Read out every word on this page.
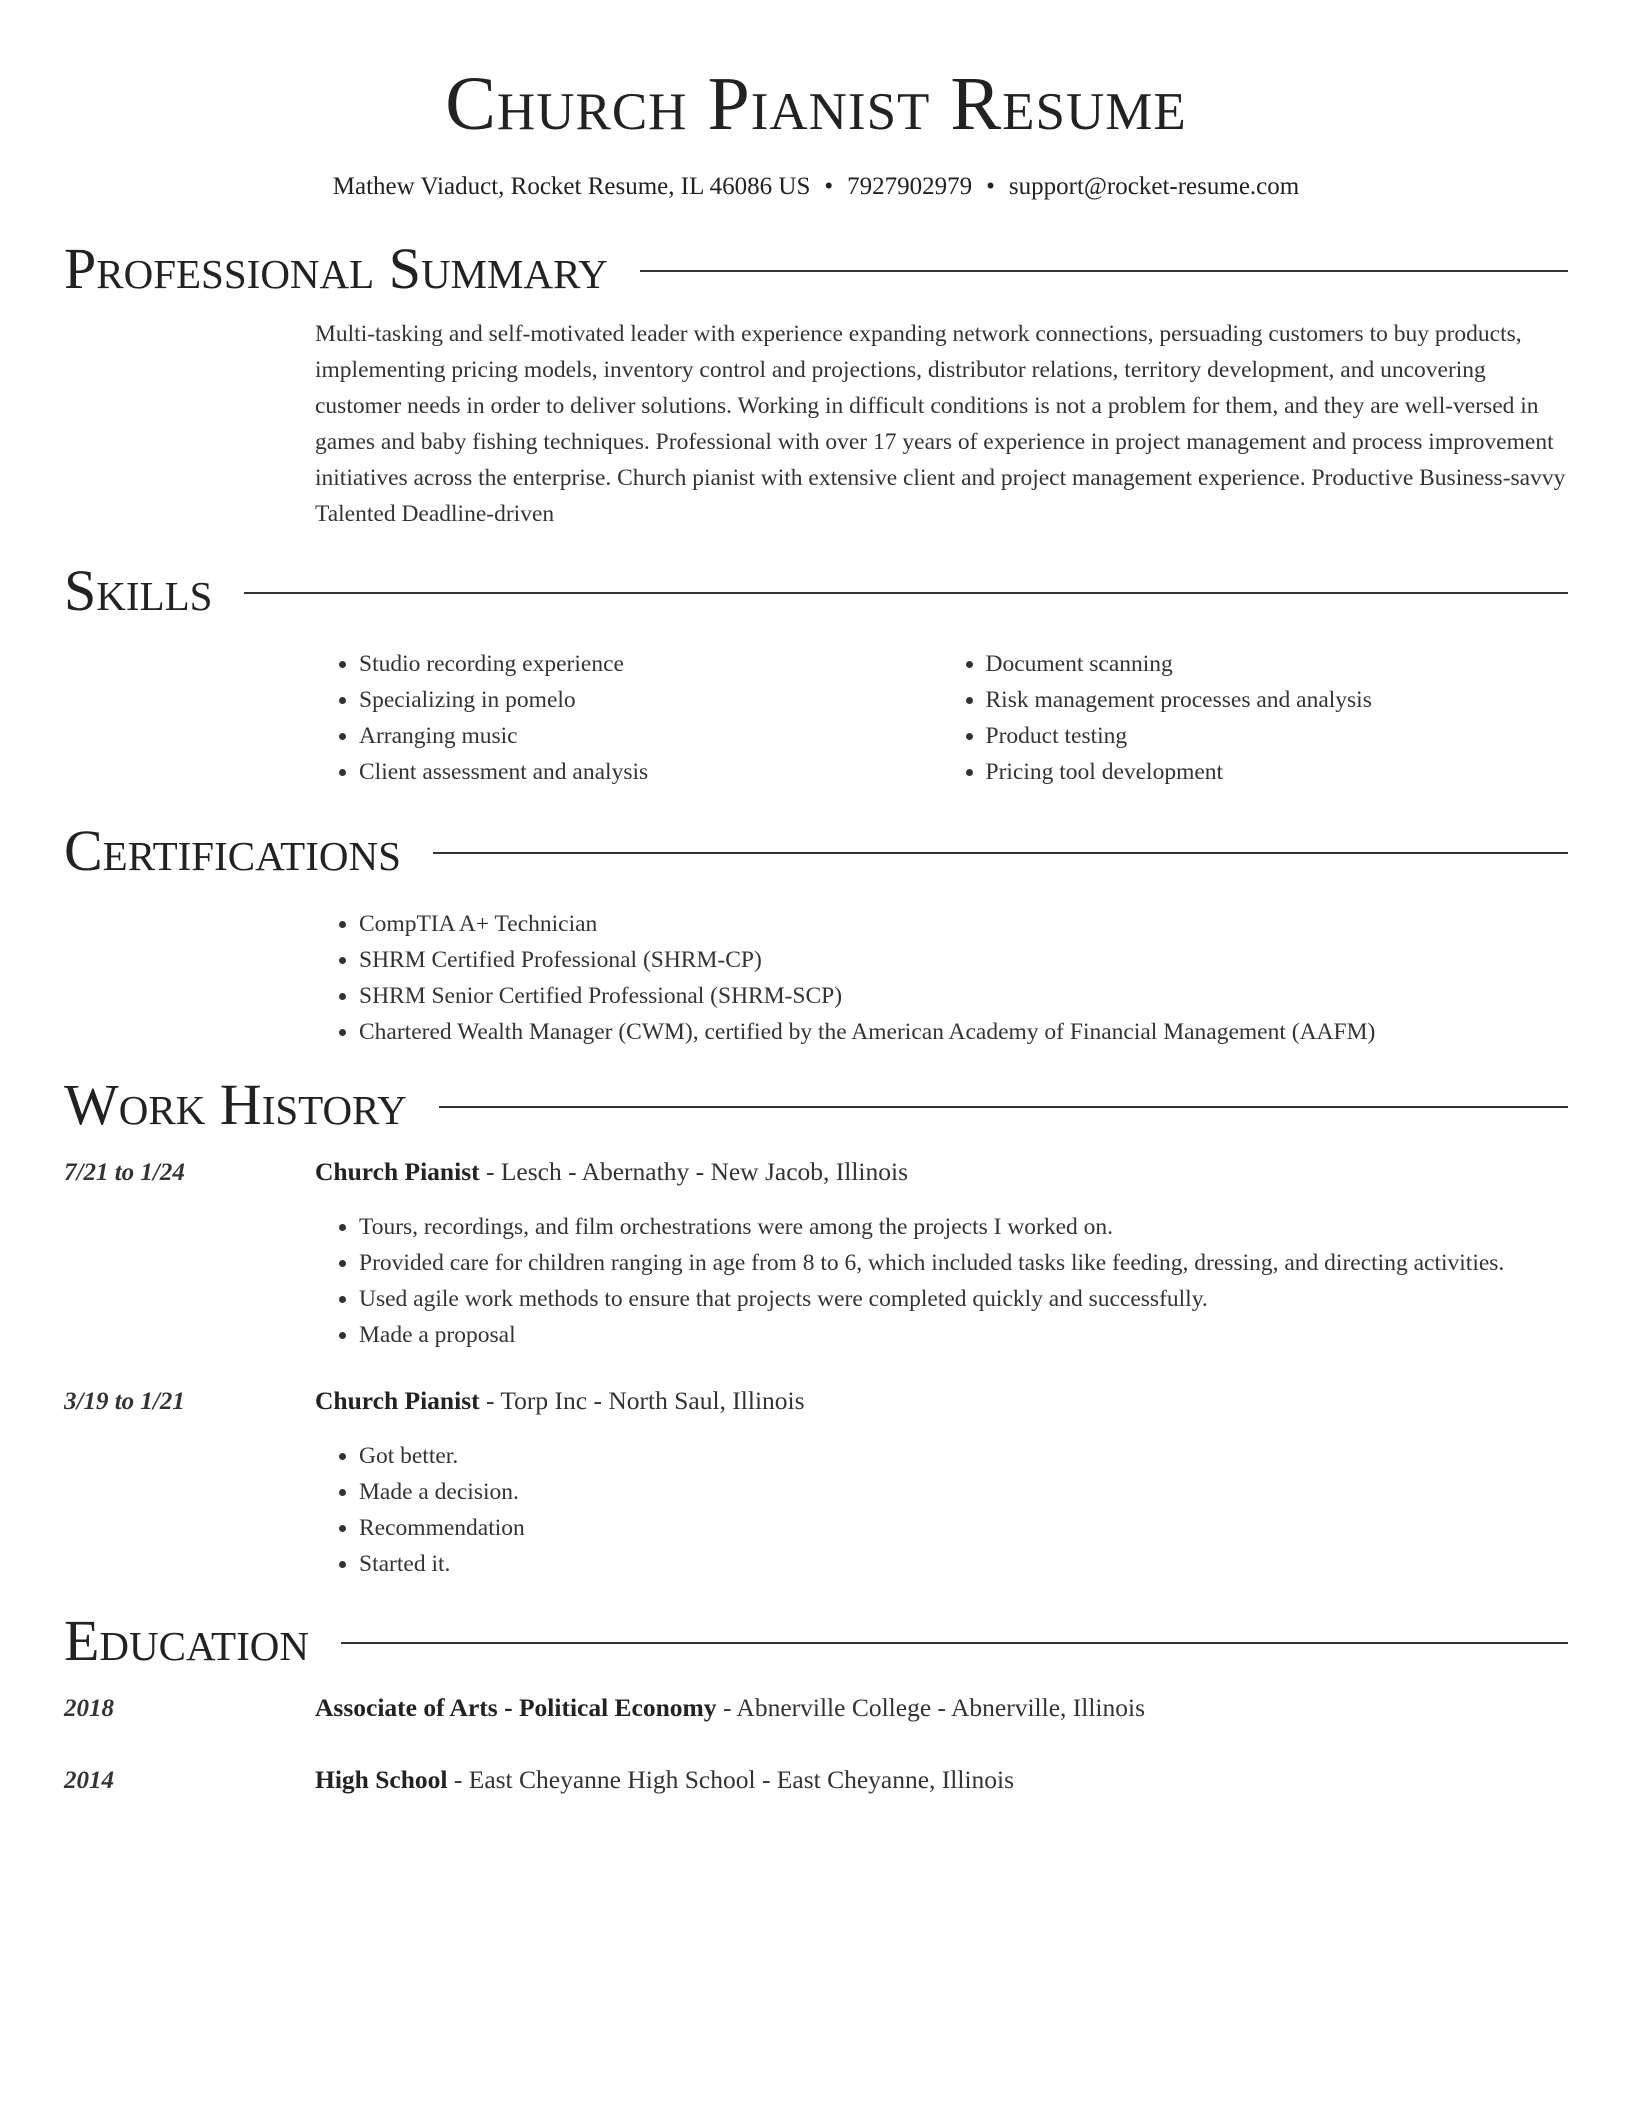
Church Pianist Resume
Mathew Viaduct, Rocket Resume, IL 46086 US • 7927902979 • support@rocket-resume.com
Professional Summary
Multi-tasking and self-motivated leader with experience expanding network connections, persuading customers to buy products, implementing pricing models, inventory control and projections, distributor relations, territory development, and uncovering customer needs in order to deliver solutions. Working in difficult conditions is not a problem for them, and they are well-versed in games and baby fishing techniques. Professional with over 17 years of experience in project management and process improvement initiatives across the enterprise. Church pianist with extensive client and project management experience. Productive Business-savvy Talented Deadline-driven
Skills
• Studio recording experience
• Specializing in pomelo
• Arranging music
• Client assessment and analysis
• Document scanning
• Risk management processes and analysis
• Product testing
• Pricing tool development
Certifications
• CompTIA A+ Technician
• SHRM Certified Professional (SHRM-CP)
• SHRM Senior Certified Professional (SHRM-SCP)
• Chartered Wealth Manager (CWM), certified by the American Academy of Financial Management (AAFM)
Work History
7/21 to 1/24	Church Pianist - Lesch - Abernathy - New Jacob, Illinois
• Tours, recordings, and film orchestrations were among the projects I worked on.
• Provided care for children ranging in age from 8 to 6, which included tasks like feeding, dressing, and directing activities.
• Used agile work methods to ensure that projects were completed quickly and successfully.
• Made a proposal
3/19 to 1/21	Church Pianist - Torp Inc - North Saul, Illinois
• Got better.
• Made a decision.
• Recommendation
• Started it.
Education
2018	Associate of Arts - Political Economy - Abnerville College - Abnerville, Illinois
2014	High School - East Cheyanne High School - East Cheyanne, Illinois
